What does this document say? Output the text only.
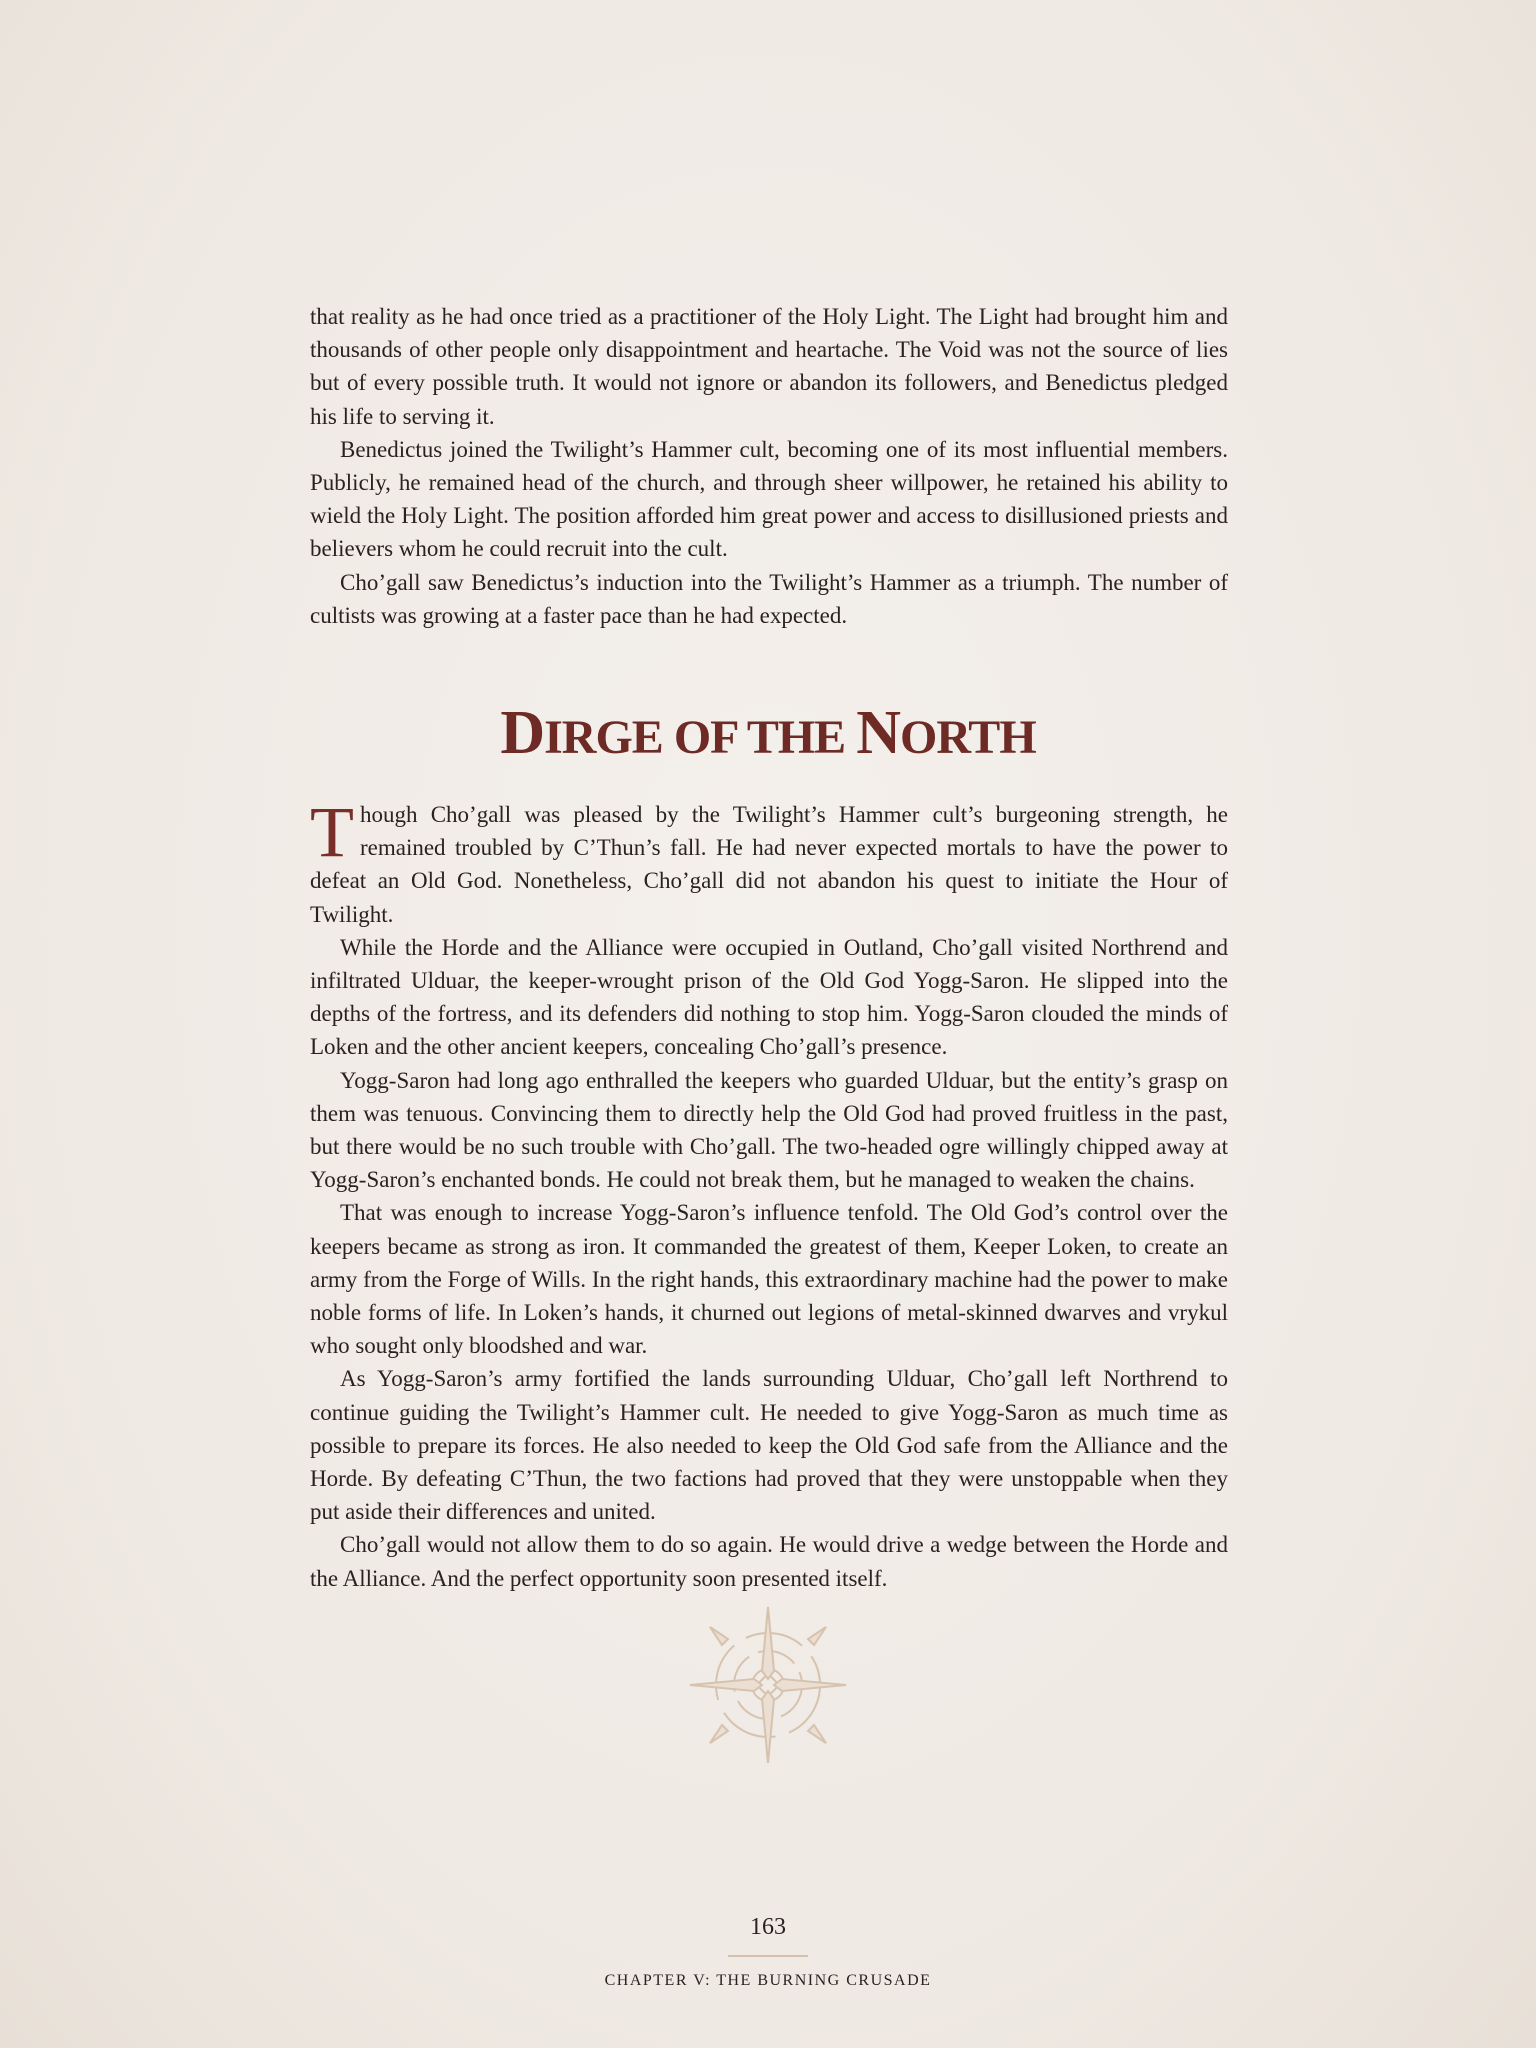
that reality as he had once tried as a practitioner of the Holy Light. The Light had brought him and thousands of other people only disappointment and heartache. The Void was not the source of lies but of every possible truth. It would not ignore or abandon its followers, and Benedictus pledged his life to serving it.

Benedictus joined the Twilight’s Hammer cult, becoming one of its most influential members. Publicly, he remained head of the church, and through sheer willpower, he retained his ability to wield the Holy Light. The position afforded him great power and access to disillusioned priests and believers whom he could recruit into the cult.

Cho’gall saw Benedictus’s induction into the Twilight’s Hammer as a triumph. The number of cultists was growing at a faster pace than he had expected.

DIRGE OF THE NORTH

Though Cho’gall was pleased by the Twilight’s Hammer cult’s burgeoning strength, he remained troubled by C’Thun’s fall. He had never expected mortals to have the power to defeat an Old God. Nonetheless, Cho’gall did not abandon his quest to initiate the Hour of Twilight.

While the Horde and the Alliance were occupied in Outland, Cho’gall visited Northrend and infiltrated Ulduar, the keeper-wrought prison of the Old God Yogg-Saron. He slipped into the depths of the fortress, and its defenders did nothing to stop him. Yogg-Saron clouded the minds of Loken and the other ancient keepers, concealing Cho’gall’s presence.

Yogg-Saron had long ago enthralled the keepers who guarded Ulduar, but the entity’s grasp on them was tenuous. Convincing them to directly help the Old God had proved fruitless in the past, but there would be no such trouble with Cho’gall. The two-headed ogre willingly chipped away at Yogg-Saron’s enchanted bonds. He could not break them, but he managed to weaken the chains.

That was enough to increase Yogg-Saron’s influence tenfold. The Old God’s control over the keepers became as strong as iron. It commanded the greatest of them, Keeper Loken, to create an army from the Forge of Wills. In the right hands, this extraordinary machine had the power to make noble forms of life. In Loken’s hands, it churned out legions of metal-skinned dwarves and vrykul who sought only bloodshed and war.

As Yogg-Saron’s army fortified the lands surrounding Ulduar, Cho’gall left Northrend to continue guiding the Twilight’s Hammer cult. He needed to give Yogg-Saron as much time as possible to prepare its forces. He also needed to keep the Old God safe from the Alliance and the Horde. By defeating C’Thun, the two factions had proved that they were unstoppable when they put aside their differences and united.

Cho’gall would not allow them to do so again. He would drive a wedge between the Horde and the Alliance. And the perfect opportunity soon presented itself.

163
CHAPTER V: THE BURNING CRUSADE
